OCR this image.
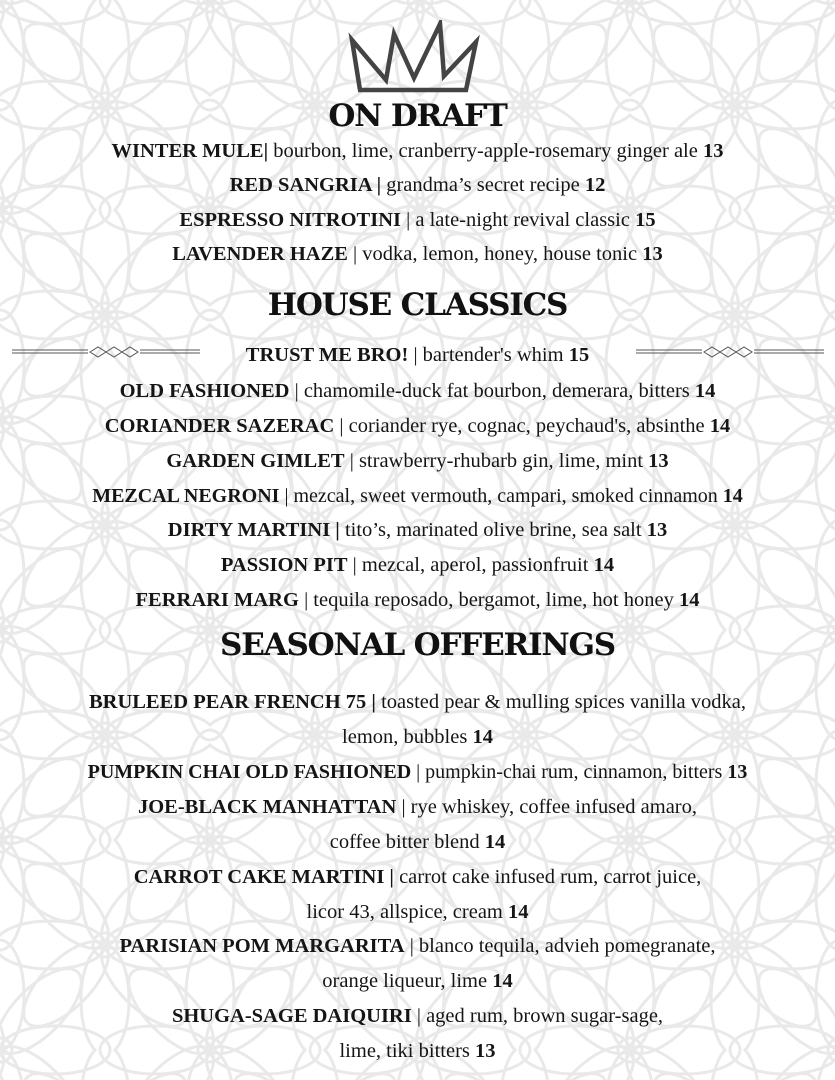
ON DRAFT
WINTER MULE| bourbon, lime, cranberry-apple-rosemary ginger ale 13
RED SANGRIA | grandma’s secret recipe 12
ESPRESSO NITROTINI | a late-night revival classic 15
LAVENDER HAZE | vodka, lemon, honey, house tonic 13
HOUSE CLASSICS
TRUST ME BRO! | bartender's whim 15
OLD FASHIONED | chamomile-duck fat bourbon, demerara, bitters 14
CORIANDER SAZERAC | coriander rye, cognac, peychaud's, absinthe 14
GARDEN GIMLET | strawberry-rhubarb gin, lime, mint 13
MEZCAL NEGRONI | mezcal, sweet vermouth, campari, smoked cinnamon 14
DIRTY MARTINI | tito’s, marinated olive brine, sea salt 13
PASSION PIT | mezcal, aperol, passionfruit 14
FERRARI MARG | tequila reposado, bergamot, lime, hot honey 14
SEASONAL OFFERINGS
BRULEED PEAR FRENCH 75 | toasted pear & mulling spices vanilla vodka,
lemon, bubbles 14
PUMPKIN CHAI OLD FASHIONED | pumpkin-chai rum, cinnamon, bitters 13
JOE-BLACK MANHATTAN | rye whiskey, coffee infused amaro,
coffee bitter blend 14
CARROT CAKE MARTINI | carrot cake infused rum, carrot juice,
licor 43, allspice, cream 14
PARISIAN POM MARGARITA | blanco tequila, advieh pomegranate,
orange liqueur, lime 14
SHUGA-SAGE DAIQUIRI | aged rum, brown sugar-sage,
lime, tiki bitters 13
